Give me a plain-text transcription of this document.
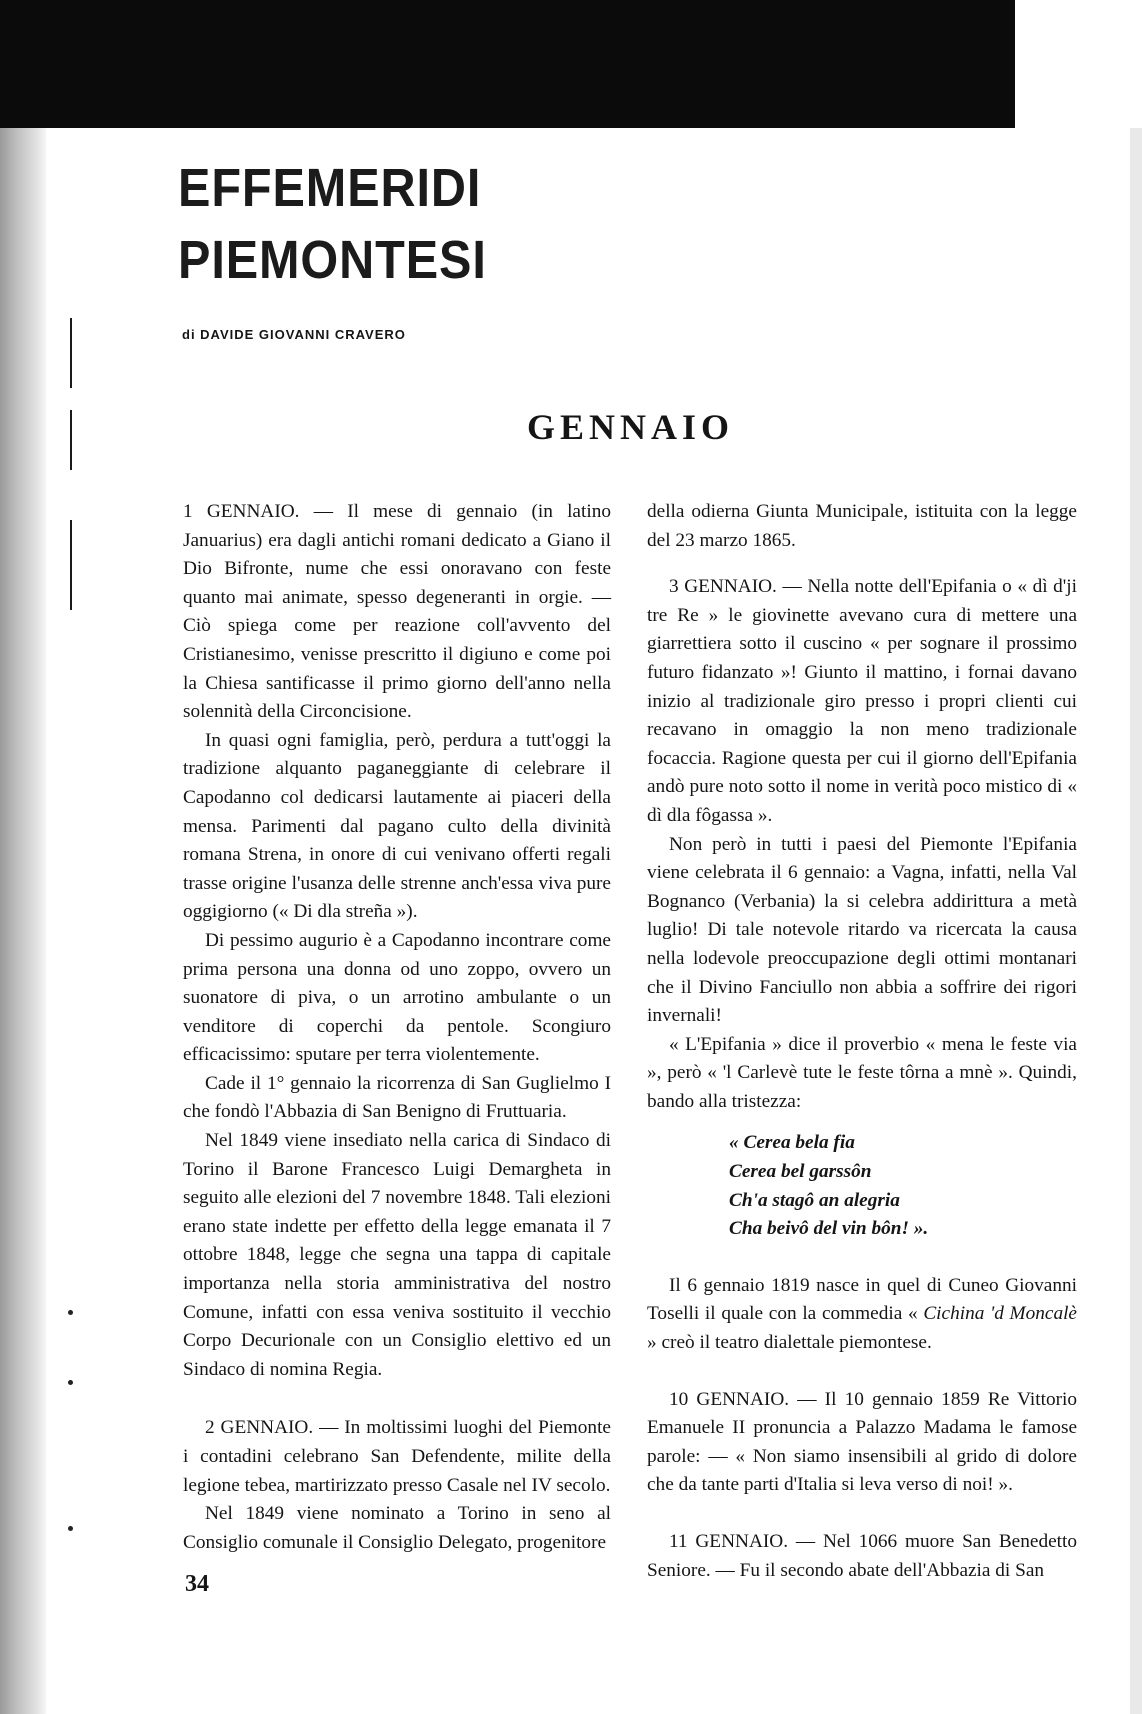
EFFEMERIDI
PIEMONTESI
di DAVIDE GIOVANNI CRAVERO
GENNAIO

1 GENNAIO. — Il mese di gennaio (in latino Januarius) era dagli antichi romani dedicato a Giano il Dio Bifronte, nume che essi onoravano con feste quanto mai animate, spesso degeneranti in orgie. — Ciò spiega come per reazione coll'avvento del Cristianesimo, venisse prescritto il digiuno e come poi la Chiesa santificasse il primo giorno dell'anno nella solennità della Circoncisione.

In quasi ogni famiglia, però, perdura a tutt'oggi la tradizione alquanto paganeggiante di celebrare il Capodanno col dedicarsi lautamente ai piaceri della mensa. Parimenti dal pagano culto della divinità romana Strena, in onore di cui venivano offerti regali trasse origine l'usanza delle strenne anch'essa viva pure oggigiorno (« Di dla streña »).

Di pessimo augurio è a Capodanno incontrare come prima persona una donna od uno zoppo, ovvero un suonatore di piva, o un arrotino ambulante o un venditore di coperchi da pentole. Scongiuro efficacissimo: sputare per terra violentemente.

Cade il 1° gennaio la ricorrenza di San Guglielmo I che fondò l'Abbazia di San Benigno di Fruttuaria.

Nel 1849 viene insediato nella carica di Sindaco di Torino il Barone Francesco Luigi Demargheta in seguito alle elezioni del 7 novembre 1848. Tali elezioni erano state indette per effetto della legge emanata il 7 ottobre 1848, legge che segna una tappa di capitale importanza nella storia amministrativa del nostro Comune, infatti con essa veniva sostituito il vecchio Corpo Decurionale con un Consiglio elettivo ed un Sindaco di nomina Regia.

2 GENNAIO. — In moltissimi luoghi del Piemonte i contadini celebrano San Defendente, milite della legione tebea, martirizzato presso Casale nel IV secolo.

Nel 1849 viene nominato a Torino in seno al Consiglio comunale il Consiglio Delegato, progenitore

della odierna Giunta Municipale, istituita con la legge del 23 marzo 1865.

3 GENNAIO. — Nella notte dell'Epifania o « dì d'ji tre Re » le giovinette avevano cura di mettere una giarrettiera sotto il cuscino « per sognare il prossimo futuro fidanzato »! Giunto il mattino, i fornai davano inizio al tradizionale giro presso i propri clienti cui recavano in omaggio la non meno tradizionale focaccia. Ragione questa per cui il giorno dell'Epifania andò pure noto sotto il nome in verità poco mistico di « dì dla fôgassa ».

Non però in tutti i paesi del Piemonte l'Epifania viene celebrata il 6 gennaio: a Vagna, infatti, nella Val Bognanco (Verbania) la si celebra addirittura a metà luglio! Di tale notevole ritardo va ricercata la causa nella lodevole preoccupazione degli ottimi montanari che il Divino Fanciullo non abbia a soffrire dei rigori invernali!

« L'Epifania » dice il proverbio « mena le feste via », però « 'l Carlevè tute le feste tôrna a mnè ». Quindi, bando alla tristezza:

« Cerea bela fia
Cerea bel garssôn
Ch'a stagô an alegria
Cha beivô del vin bôn! ».

Il 6 gennaio 1819 nasce in quel di Cuneo Giovanni Toselli il quale con la commedia « Cichina 'd Moncalè » creò il teatro dialettale piemontese.

10 GENNAIO. — Il 10 gennaio 1859 Re Vittorio Emanuele II pronuncia a Palazzo Madama le famose parole: — « Non siamo insensibili al grido di dolore che da tante parti d'Italia si leva verso di noi! ».

11 GENNAIO. — Nel 1066 muore San Benedetto Seniore. — Fu il secondo abate dell'Abbazia di San

34
